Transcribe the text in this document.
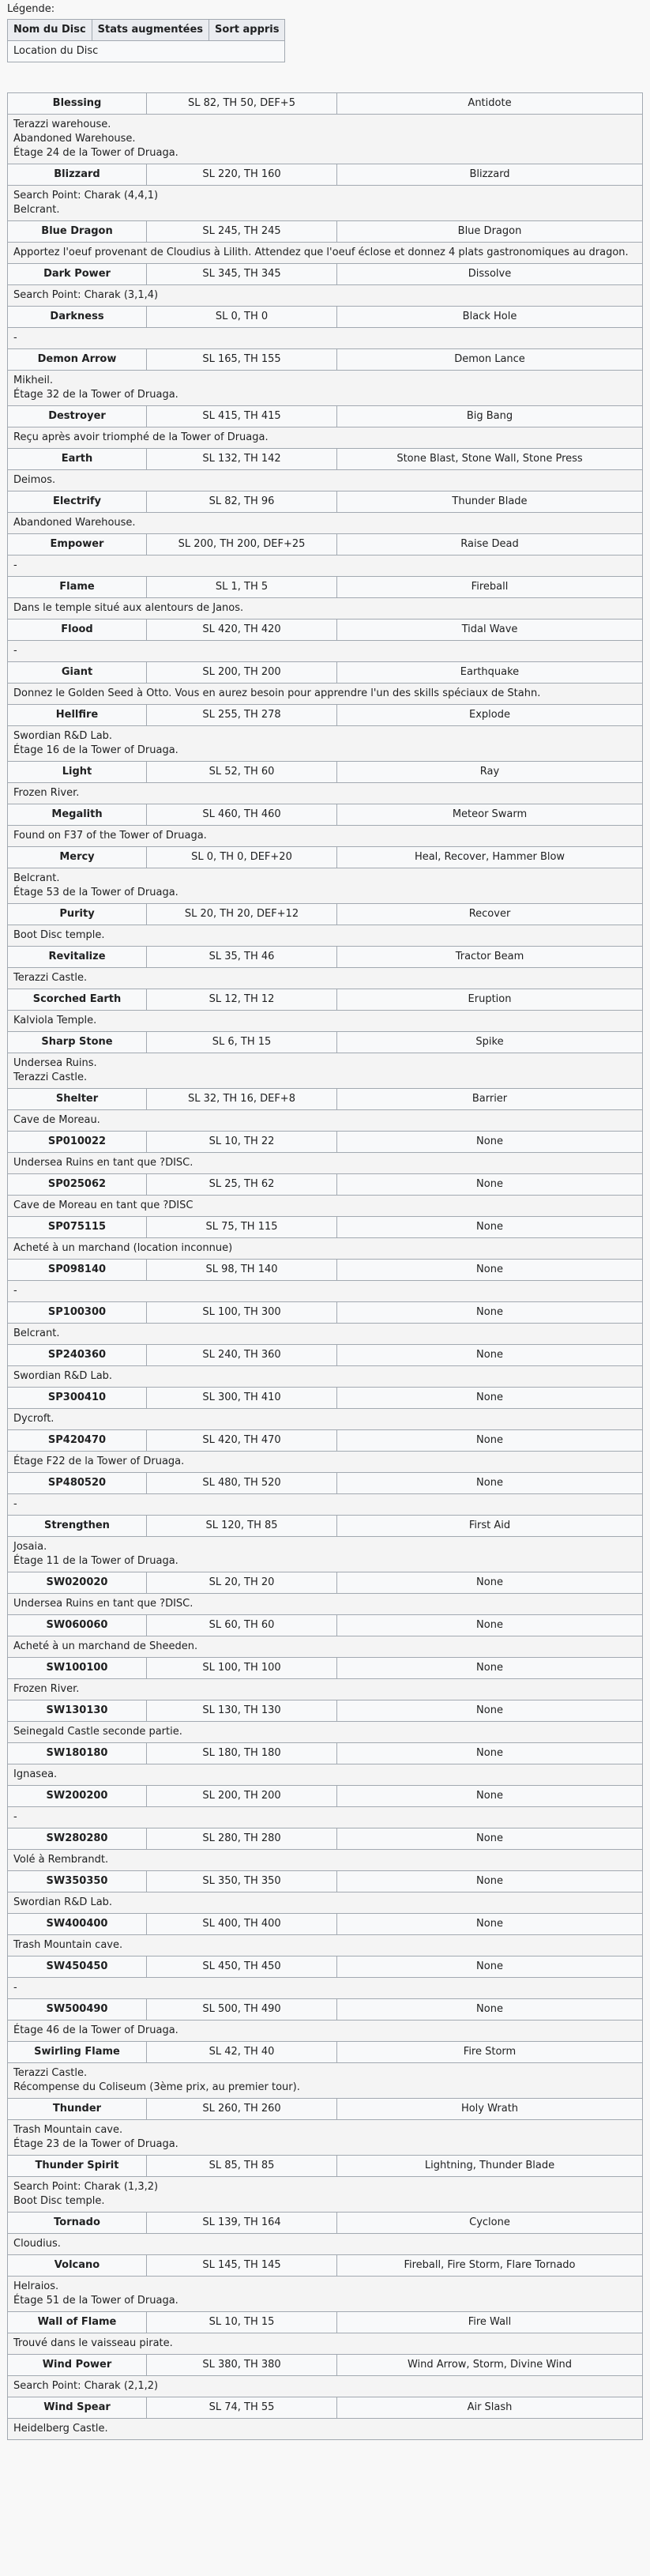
Légende:
Nom du Disc	Stats augmentées	Sort appris
Location du Disc
Blessing	SL 82, TH 50, DEF+5	Antidote

Terazzi warehouse.
Abandoned Warehouse.
Étage 24 de la Tower of Druaga.		

Blizzard	SL 220, TH 160	Blizzard

Search Point: Charak (4,4,1)
Belcrant.		

Blue Dragon	SL 245, TH 245	Blue Dragon

Apportez l'oeuf provenant de Cloudius à Lilith. Attendez que l'oeuf éclose et donnez 4 plats gastronomiques au dragon.		

Dark Power	SL 345, TH 345	Dissolve

Search Point: Charak (3,1,4)		

Darkness	SL 0, TH 0	Black Hole

-		

Demon Arrow	SL 165, TH 155	Demon Lance

Mikheil.
Étage 32 de la Tower of Druaga.		

Destroyer	SL 415, TH 415	Big Bang

Reçu après avoir triomphé de la Tower of Druaga.		

Earth	SL 132, TH 142	Stone Blast, Stone Wall, Stone Press

Deimos.		

Electrify	SL 82, TH 96	Thunder Blade

Abandoned Warehouse.		

Empower	SL 200, TH 200, DEF+25	Raise Dead

-		

Flame	SL 1, TH 5	Fireball

Dans le temple situé aux alentours de Janos.		

Flood	SL 420, TH 420	Tidal Wave

-		

Giant	SL 200, TH 200	Earthquake

Donnez le Golden Seed à Otto. Vous en aurez besoin pour apprendre l'un des skills spéciaux de Stahn.		

Hellfire	SL 255, TH 278	Explode

Swordian R&D Lab.
Étage 16 de la Tower of Druaga.		

Light	SL 52, TH 60	Ray

Frozen River.		

Megalith	SL 460, TH 460	Meteor Swarm

Found on F37 of the Tower of Druaga.		

Mercy	SL 0, TH 0, DEF+20	Heal, Recover, Hammer Blow

Belcrant.
Étage 53 de la Tower of Druaga.		

Purity	SL 20, TH 20, DEF+12	Recover

Boot Disc temple.		

Revitalize	SL 35, TH 46	Tractor Beam

Terazzi Castle.		

Scorched Earth	SL 12, TH 12	Eruption

Kalviola Temple.		

Sharp Stone	SL 6, TH 15	Spike

Undersea Ruins.
Terazzi Castle.		

Shelter	SL 32, TH 16, DEF+8	Barrier

Cave de Moreau.		

SP010022	SL 10, TH 22	None

Undersea Ruins en tant que ?DISC.		

SP025062	SL 25, TH 62	None

Cave de Moreau en tant que ?DISC		

SP075115	SL 75, TH 115	None

Acheté à un marchand (location inconnue)		

SP098140	SL 98, TH 140	None

-		

SP100300	SL 100, TH 300	None

Belcrant.		

SP240360	SL 240, TH 360	None

Swordian R&D Lab.		

SP300410	SL 300, TH 410	None

Dycroft.		

SP420470	SL 420, TH 470	None

Étage F22 de la Tower of Druaga.		

SP480520	SL 480, TH 520	None

-		

Strengthen	SL 120, TH 85	First Aid

Josaia.
Étage 11 de la Tower of Druaga.		

SW020020	SL 20, TH 20	None

Undersea Ruins en tant que ?DISC.		

SW060060	SL 60, TH 60	None

Acheté à un marchand de Sheeden.		

SW100100	SL 100, TH 100	None

Frozen River.		

SW130130	SL 130, TH 130	None

Seinegald Castle seconde partie.		

SW180180	SL 180, TH 180	None

Ignasea.		

SW200200	SL 200, TH 200	None

-		

SW280280	SL 280, TH 280	None

Volé à Rembrandt.		

SW350350	SL 350, TH 350	None

Swordian R&D Lab.		

SW400400	SL 400, TH 400	None

Trash Mountain cave.		

SW450450	SL 450, TH 450	None

-		

SW500490	SL 500, TH 490	None

Étage 46 de la Tower of Druaga.		

Swirling Flame	SL 42, TH 40	Fire Storm

Terazzi Castle.
Récompense du Coliseum (3ème prix, au premier tour).		

Thunder	SL 260, TH 260	Holy Wrath

Trash Mountain cave.
Étage 23 de la Tower of Druaga.		

Thunder Spirit	SL 85, TH 85	Lightning, Thunder Blade

Search Point: Charak (1,3,2)
Boot Disc temple.		

Tornado	SL 139, TH 164	Cyclone

Cloudius.		

Volcano	SL 145, TH 145	Fireball, Fire Storm, Flare Tornado

Helraios.
Étage 51 de la Tower of Druaga.		

Wall of Flame	SL 10, TH 15	Fire Wall

Trouvé dans le vaisseau pirate.		

Wind Power	SL 380, TH 380	Wind Arrow, Storm, Divine Wind

Search Point: Charak (2,1,2)		

Wind Spear	SL 74, TH 55	Air Slash

Heidelberg Castle.		
